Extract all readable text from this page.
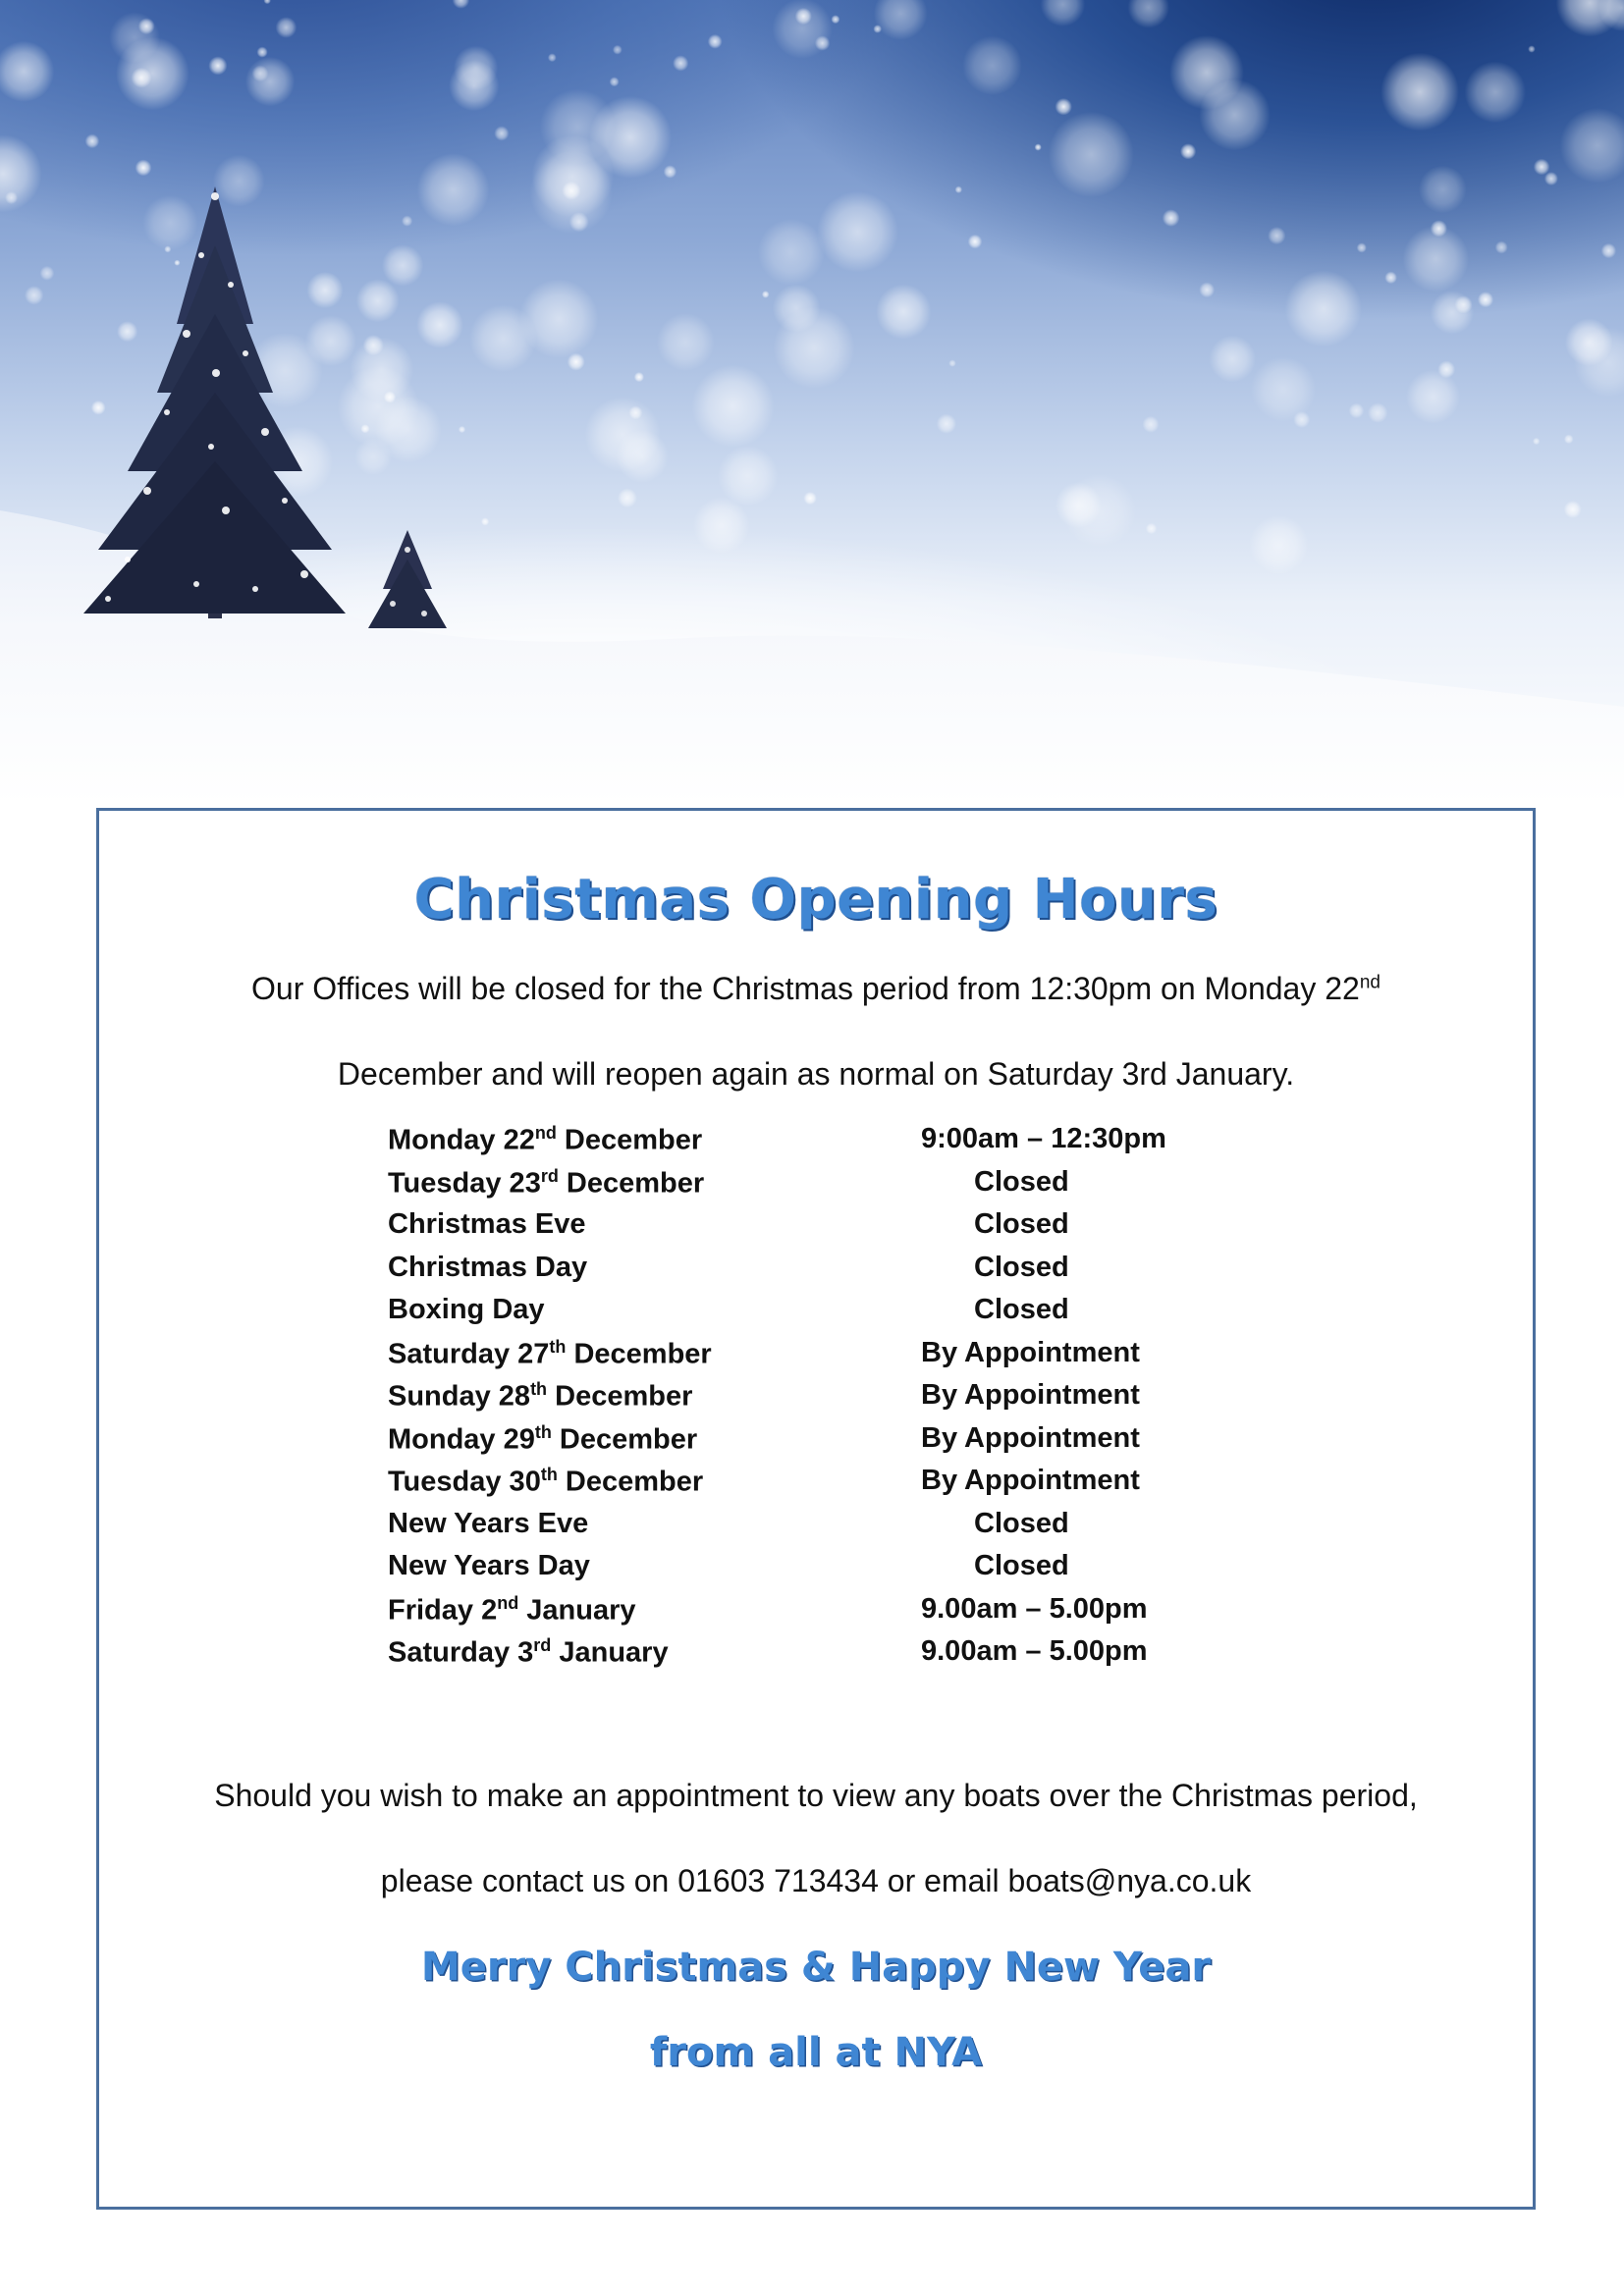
Christmas Opening Hours
Our Offices will be closed for the Christmas period from 12:30pm on Monday 22nd
December and will reopen again as normal on Saturday 3rd January.
Monday 22nd December	9:00am – 12:30pm
Tuesday 23rd December	Closed
Christmas Eve	Closed
Christmas Day	Closed
Boxing Day	Closed
Saturday 27th December	By Appointment
Sunday 28th December	By Appointment
Monday 29th December	By Appointment
Tuesday 30th December	By Appointment
New Years Eve	Closed
New Years Day	Closed
Friday 2nd January	9.00am – 5.00pm
Saturday 3rd January	9.00am – 5.00pm
Should you wish to make an appointment to view any boats over the Christmas period,
please contact us on 01603 713434 or email boats@nya.co.uk
Merry Christmas & Happy New Year
from all at NYA
